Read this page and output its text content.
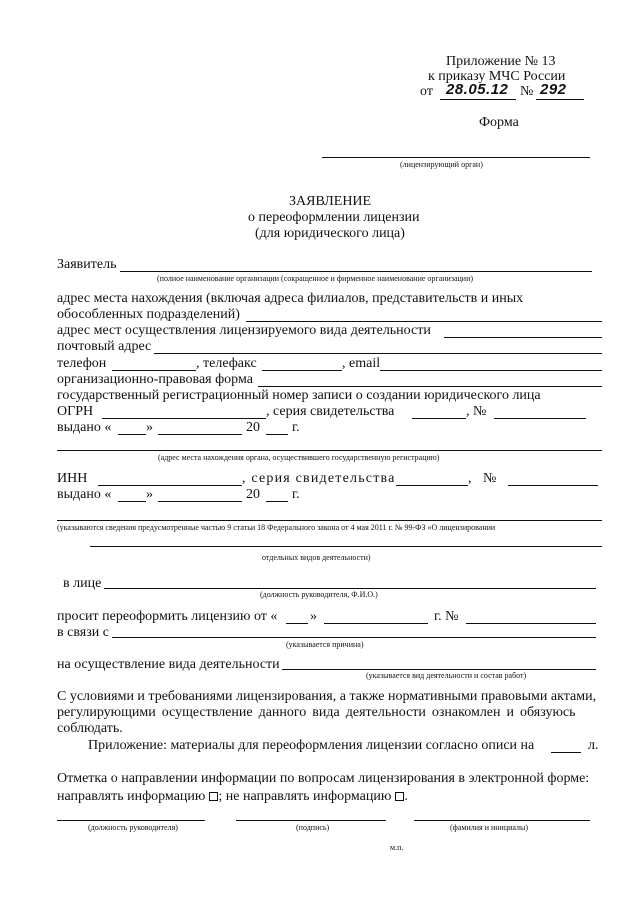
Приложение № 13
к приказу МЧС России
от 28.05.12 № 292
Форма
(лицензирующий орган)
ЗАЯВЛЕНИЕ
о переоформлении лицензии
(для юридического лица)
Заявитель
(полное наименование организации (сокращенное и фирменное наименование организации)
адрес места нахождения (включая адреса филиалов, представительств и иных
обособленных подразделений)
адрес мест осуществления лицензируемого вида деятельности
почтовый адрес
телефон	, телефакс	, email
организационно-правовая форма
государственный регистрационный номер записи о создании юридического лица
ОГРН	, серия свидетельства	, №
выдано « »	20 г.
(адрес места нахождения органа, осуществившего государственную регистрацию)
ИНН	, серия свидетельства	, №
выдано « »	20 г.
(указываются сведения предусмотренные частью 9 статьи 18 Федерального закона от 4 мая 2011 г. № 99-ФЗ «О лицензировании
отдельных видов деятельности)
в лице
(должность руководителя, Ф.И.О.)
просит переоформить лицензию от « »	г. №
в связи с
(указывается причина)
на осуществление вида деятельности
(указывается вид деятельности и состав работ)
С условиями и требованиями лицензирования, а также нормативными правовыми актами,
регулирующими осуществление данного вида деятельности ознакомлен и обязуюсь
соблюдать.
Приложение: материалы для переоформления лицензии согласно описи на	л.
Отметка о направлении информации по вопросам лицензирования в электронной форме:
направлять информацию ; не направлять информацию .
(должность руководителя)	(подпись)	(фамилия и инициалы)
м.п.
